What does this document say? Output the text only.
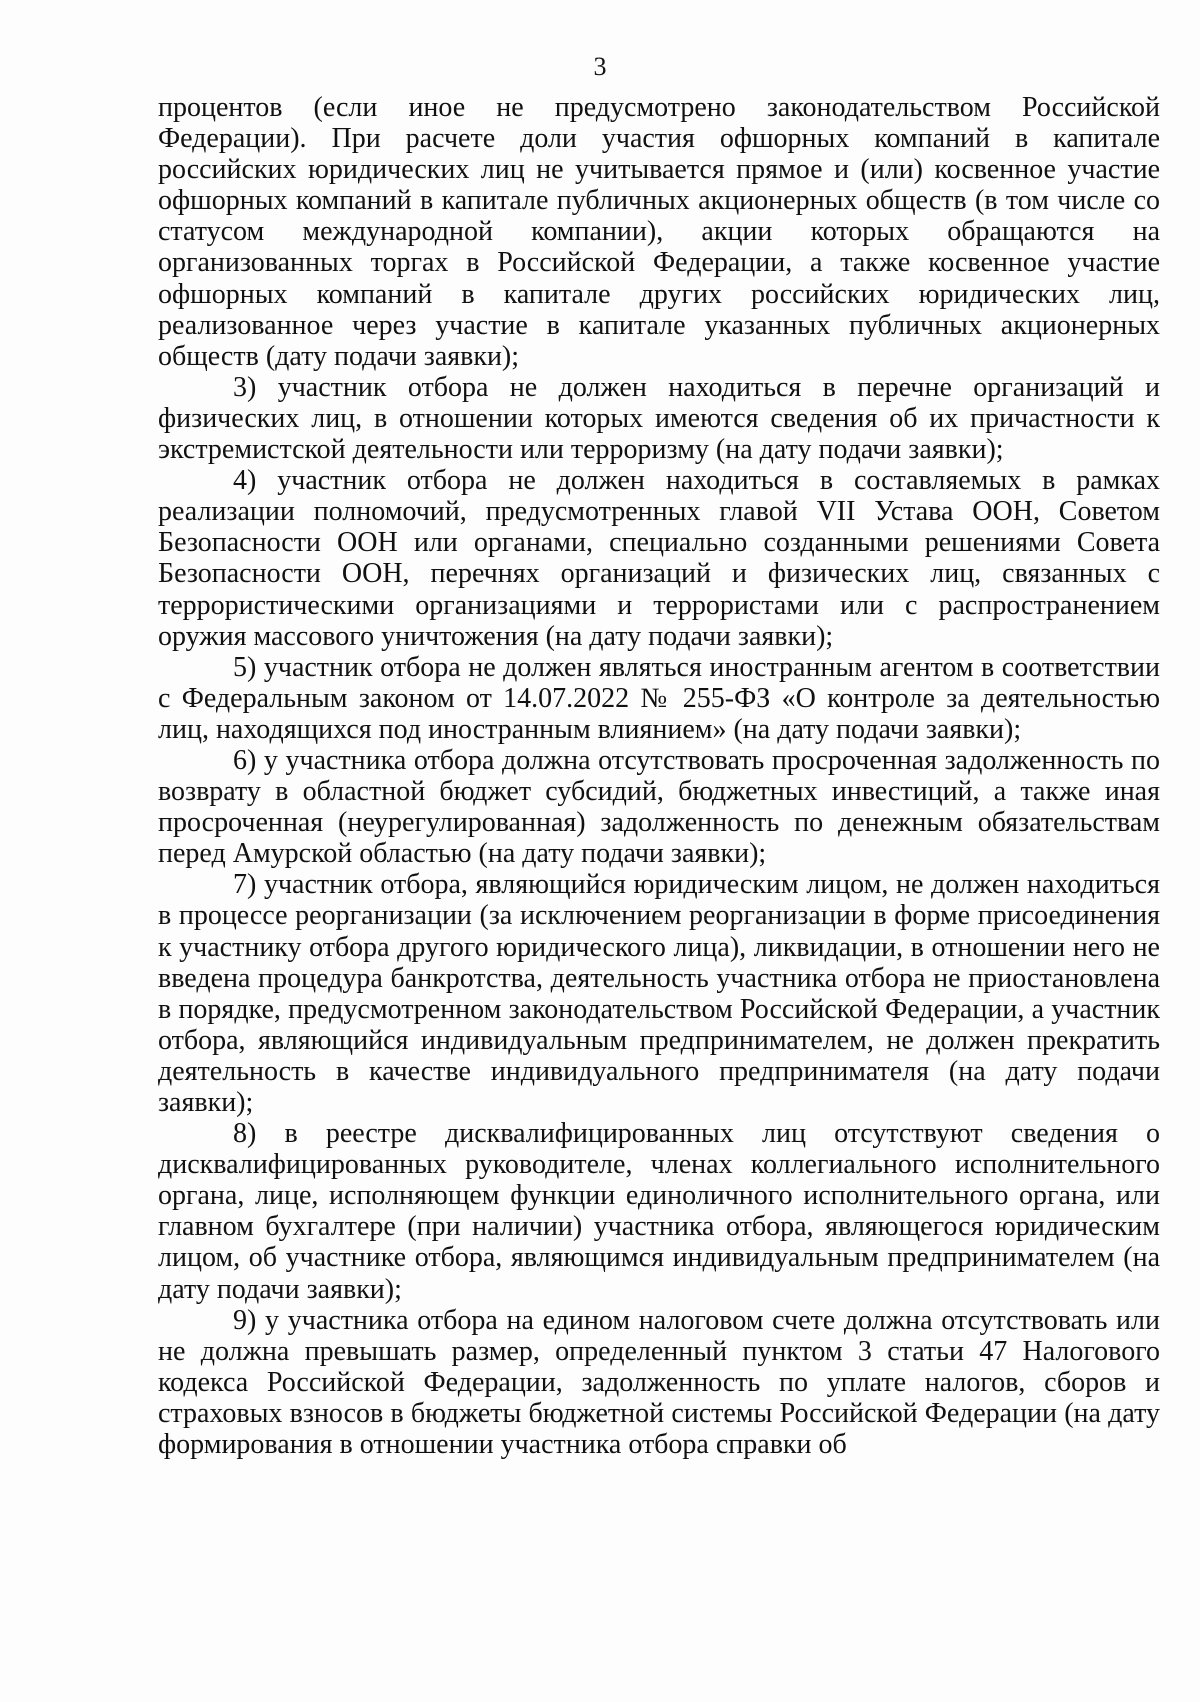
3

процентов (если иное не предусмотрено законодательством Российской Федерации). При расчете доли участия офшорных компаний в капитале российских юридических лиц не учитывается прямое и (или) косвенное участие офшорных компаний в капитале публичных акционерных обществ (в том числе со статусом международной компании), акции которых обращаются на организованных торгах в Российской Федерации, а также косвенное участие офшорных компаний в капитале других российских юридических лиц, реализованное через участие в капитале указанных публичных акционерных обществ (дату подачи заявки);

3) участник отбора не должен находиться в перечне организаций и физических лиц, в отношении которых имеются сведения об их причастности к экстремистской деятельности или терроризму (на дату подачи заявки);

4) участник отбора не должен находиться в составляемых в рамках реализации полномочий, предусмотренных главой VII Устава ООН, Советом Безопасности ООН или органами, специально созданными решениями Совета Безопасности ООН, перечнях организаций и физических лиц, связанных с террористическими организациями и террористами или с распространением оружия массового уничтожения (на дату подачи заявки);

5) участник отбора не должен являться иностранным агентом в соответствии с Федеральным законом от 14.07.2022 № 255-ФЗ «О контроле за деятельностью лиц, находящихся под иностранным влиянием» (на дату подачи заявки);

6) у участника отбора должна отсутствовать просроченная задолженность по возврату в областной бюджет субсидий, бюджетных инвестиций, а также иная просроченная (неурегулированная) задолженность по денежным обязательствам перед Амурской областью (на дату подачи заявки);

7) участник отбора, являющийся юридическим лицом, не должен находиться в процессе реорганизации (за исключением реорганизации в форме присоединения к участнику отбора другого юридического лица), ликвидации, в отношении него не введена процедура банкротства, деятельность участника отбора не приостановлена в порядке, предусмотренном законодательством Российской Федерации, а участник отбора, являющийся индивидуальным предпринимателем, не должен прекратить деятельность в качестве индивидуального предпринимателя (на дату подачи заявки);

8) в реестре дисквалифицированных лиц отсутствуют сведения о дисквалифицированных руководителе, членах коллегиального исполнительного органа, лице, исполняющем функции единоличного исполнительного органа, или главном бухгалтере (при наличии) участника отбора, являющегося юридическим лицом, об участнике отбора, являющимся индивидуальным предпринимателем (на дату подачи заявки);

9) у участника отбора на едином налоговом счете должна отсутствовать или не должна превышать размер, определенный пунктом 3 статьи 47 Налогового кодекса Российской Федерации, задолженность по уплате налогов, сборов и страховых взносов в бюджеты бюджетной системы Российской Федерации (на дату формирования в отношении участника отбора справки об
